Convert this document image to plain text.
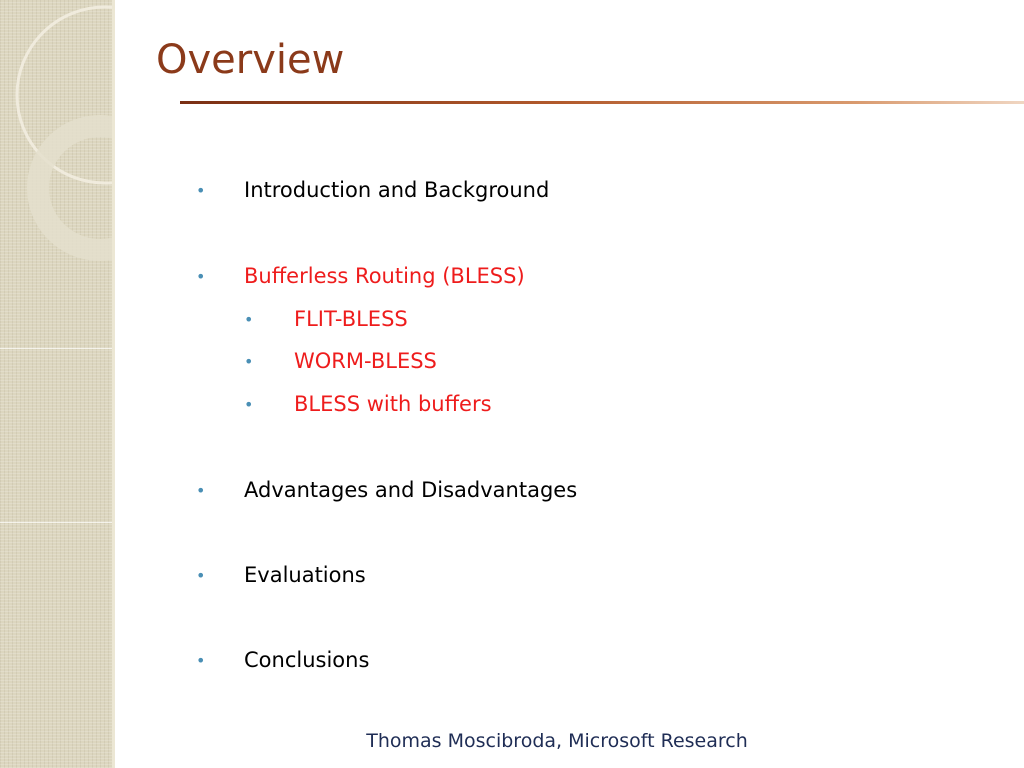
Overview
• Introduction and Background
• Bufferless Routing (BLESS)
• FLIT-BLESS
• WORM-BLESS
• BLESS with buffers
• Advantages and Disadvantages
• Evaluations
• Conclusions

Thomas Moscibroda, Microsoft Research
